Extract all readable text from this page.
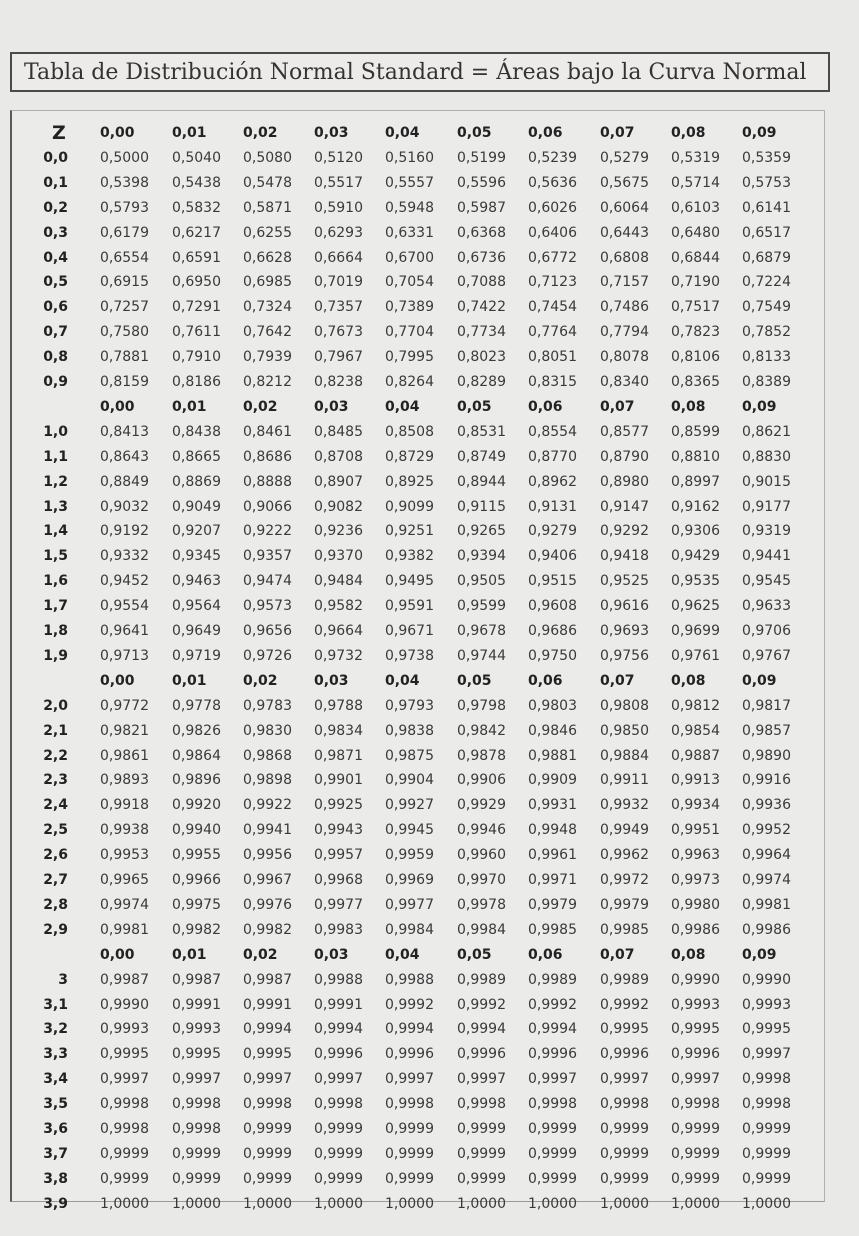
Tabla de Distribución Normal Standard = Áreas bajo la Curva Normal
Z 0,00	0,01	0,02	0,03	0,04	0,05	0,06	0,07	0,08	0,09
0,0 0,5000 0,5040 0,5080 0,5120 0,5160 0,5199 0,5239 0,5279 0,5319 0,5359
0,1 0,5398 0,5438 0,5478 0,5517 0,5557 0,5596 0,5636 0,5675 0,5714 0,5753
0,2 0,5793 0,5832 0,5871 0,5910 0,5948 0,5987 0,6026 0,6064 0,6103 0,6141
0,3 0,6179 0,6217 0,6255 0,6293 0,6331 0,6368 0,6406 0,6443 0,6480 0,6517
0,4 0,6554 0,6591 0,6628 0,6664 0,6700 0,6736 0,6772 0,6808 0,6844 0,6879
0,5 0,6915 0,6950 0,6985 0,7019 0,7054 0,7088 0,7123 0,7157 0,7190 0,7224
0,6 0,7257 0,7291 0,7324 0,7357 0,7389 0,7422 0,7454 0,7486 0,7517 0,7549
0,7 0,7580 0,7611 0,7642 0,7673 0,7704 0,7734 0,7764 0,7794 0,7823 0,7852
0,8 0,7881 0,7910 0,7939 0,7967 0,7995 0,8023 0,8051 0,8078 0,8106 0,8133
0,9 0,8159 0,8186 0,8212 0,8238 0,8264 0,8289 0,8315 0,8340 0,8365 0,8389
0,00	0,01	0,02	0,03	0,04	0,05	0,06	0,07	0,08	0,09
1,0 0,8413 0,8438 0,8461 0,8485 0,8508 0,8531 0,8554 0,8577 0,8599 0,8621
1,1 0,8643 0,8665 0,8686 0,8708 0,8729 0,8749 0,8770 0,8790 0,8810 0,8830
1,2 0,8849 0,8869 0,8888 0,8907 0,8925 0,8944 0,8962 0,8980 0,8997 0,9015
1,3 0,9032 0,9049 0,9066 0,9082 0,9099 0,9115 0,9131 0,9147 0,9162 0,9177
1,4 0,9192 0,9207 0,9222 0,9236 0,9251 0,9265 0,9279 0,9292 0,9306 0,9319
1,5 0,9332 0,9345 0,9357 0,9370 0,9382 0,9394 0,9406 0,9418 0,9429 0,9441
1,6 0,9452 0,9463 0,9474 0,9484 0,9495 0,9505 0,9515 0,9525 0,9535 0,9545
1,7 0,9554 0,9564 0,9573 0,9582 0,9591 0,9599 0,9608 0,9616 0,9625 0,9633
1,8 0,9641 0,9649 0,9656 0,9664 0,9671 0,9678 0,9686 0,9693 0,9699 0,9706
1,9 0,9713 0,9719 0,9726 0,9732 0,9738 0,9744 0,9750 0,9756 0,9761 0,9767
0,00	0,01	0,02	0,03	0,04	0,05	0,06	0,07	0,08	0,09
2,0 0,9772 0,9778 0,9783 0,9788 0,9793 0,9798 0,9803 0,9808 0,9812 0,9817
2,1 0,9821 0,9826 0,9830 0,9834 0,9838 0,9842 0,9846 0,9850 0,9854 0,9857
2,2 0,9861 0,9864 0,9868 0,9871 0,9875 0,9878 0,9881 0,9884 0,9887 0,9890
2,3 0,9893 0,9896 0,9898 0,9901 0,9904 0,9906 0,9909 0,9911 0,9913 0,9916
2,4 0,9918 0,9920 0,9922 0,9925 0,9927 0,9929 0,9931 0,9932 0,9934 0,9936
2,5 0,9938 0,9940 0,9941 0,9943 0,9945 0,9946 0,9948 0,9949 0,9951 0,9952
2,6 0,9953 0,9955 0,9956 0,9957 0,9959 0,9960 0,9961 0,9962 0,9963 0,9964
2,7 0,9965 0,9966 0,9967 0,9968 0,9969 0,9970 0,9971 0,9972 0,9973 0,9974
2,8 0,9974 0,9975 0,9976 0,9977 0,9977 0,9978 0,9979 0,9979 0,9980 0,9981
2,9 0,9981 0,9982 0,9982 0,9983 0,9984 0,9984 0,9985 0,9985 0,9986 0,9986
0,00	0,01	0,02	0,03	0,04	0,05	0,06	0,07	0,08	0,09
3 0,9987 0,9987 0,9987 0,9988 0,9988 0,9989 0,9989 0,9989 0,9990 0,9990
3,1 0,9990 0,9991 0,9991 0,9991 0,9992 0,9992 0,9992 0,9992 0,9993 0,9993
3,2 0,9993 0,9993 0,9994 0,9994 0,9994 0,9994 0,9994 0,9995 0,9995 0,9995
3,3 0,9995 0,9995 0,9995 0,9996 0,9996 0,9996 0,9996 0,9996 0,9996 0,9997
3,4 0,9997 0,9997 0,9997 0,9997 0,9997 0,9997 0,9997 0,9997 0,9997 0,9998
3,5 0,9998 0,9998 0,9998 0,9998 0,9998 0,9998 0,9998 0,9998 0,9998 0,9998
3,6 0,9998 0,9998 0,9999 0,9999 0,9999 0,9999 0,9999 0,9999 0,9999 0,9999
3,7 0,9999 0,9999 0,9999 0,9999 0,9999 0,9999 0,9999 0,9999 0,9999 0,9999
3,8 0,9999 0,9999 0,9999 0,9999 0,9999 0,9999 0,9999 0,9999 0,9999 0,9999
3,9 1,0000 1,0000 1,0000 1,0000 1,0000 1,0000 1,0000 1,0000 1,0000 1,0000
